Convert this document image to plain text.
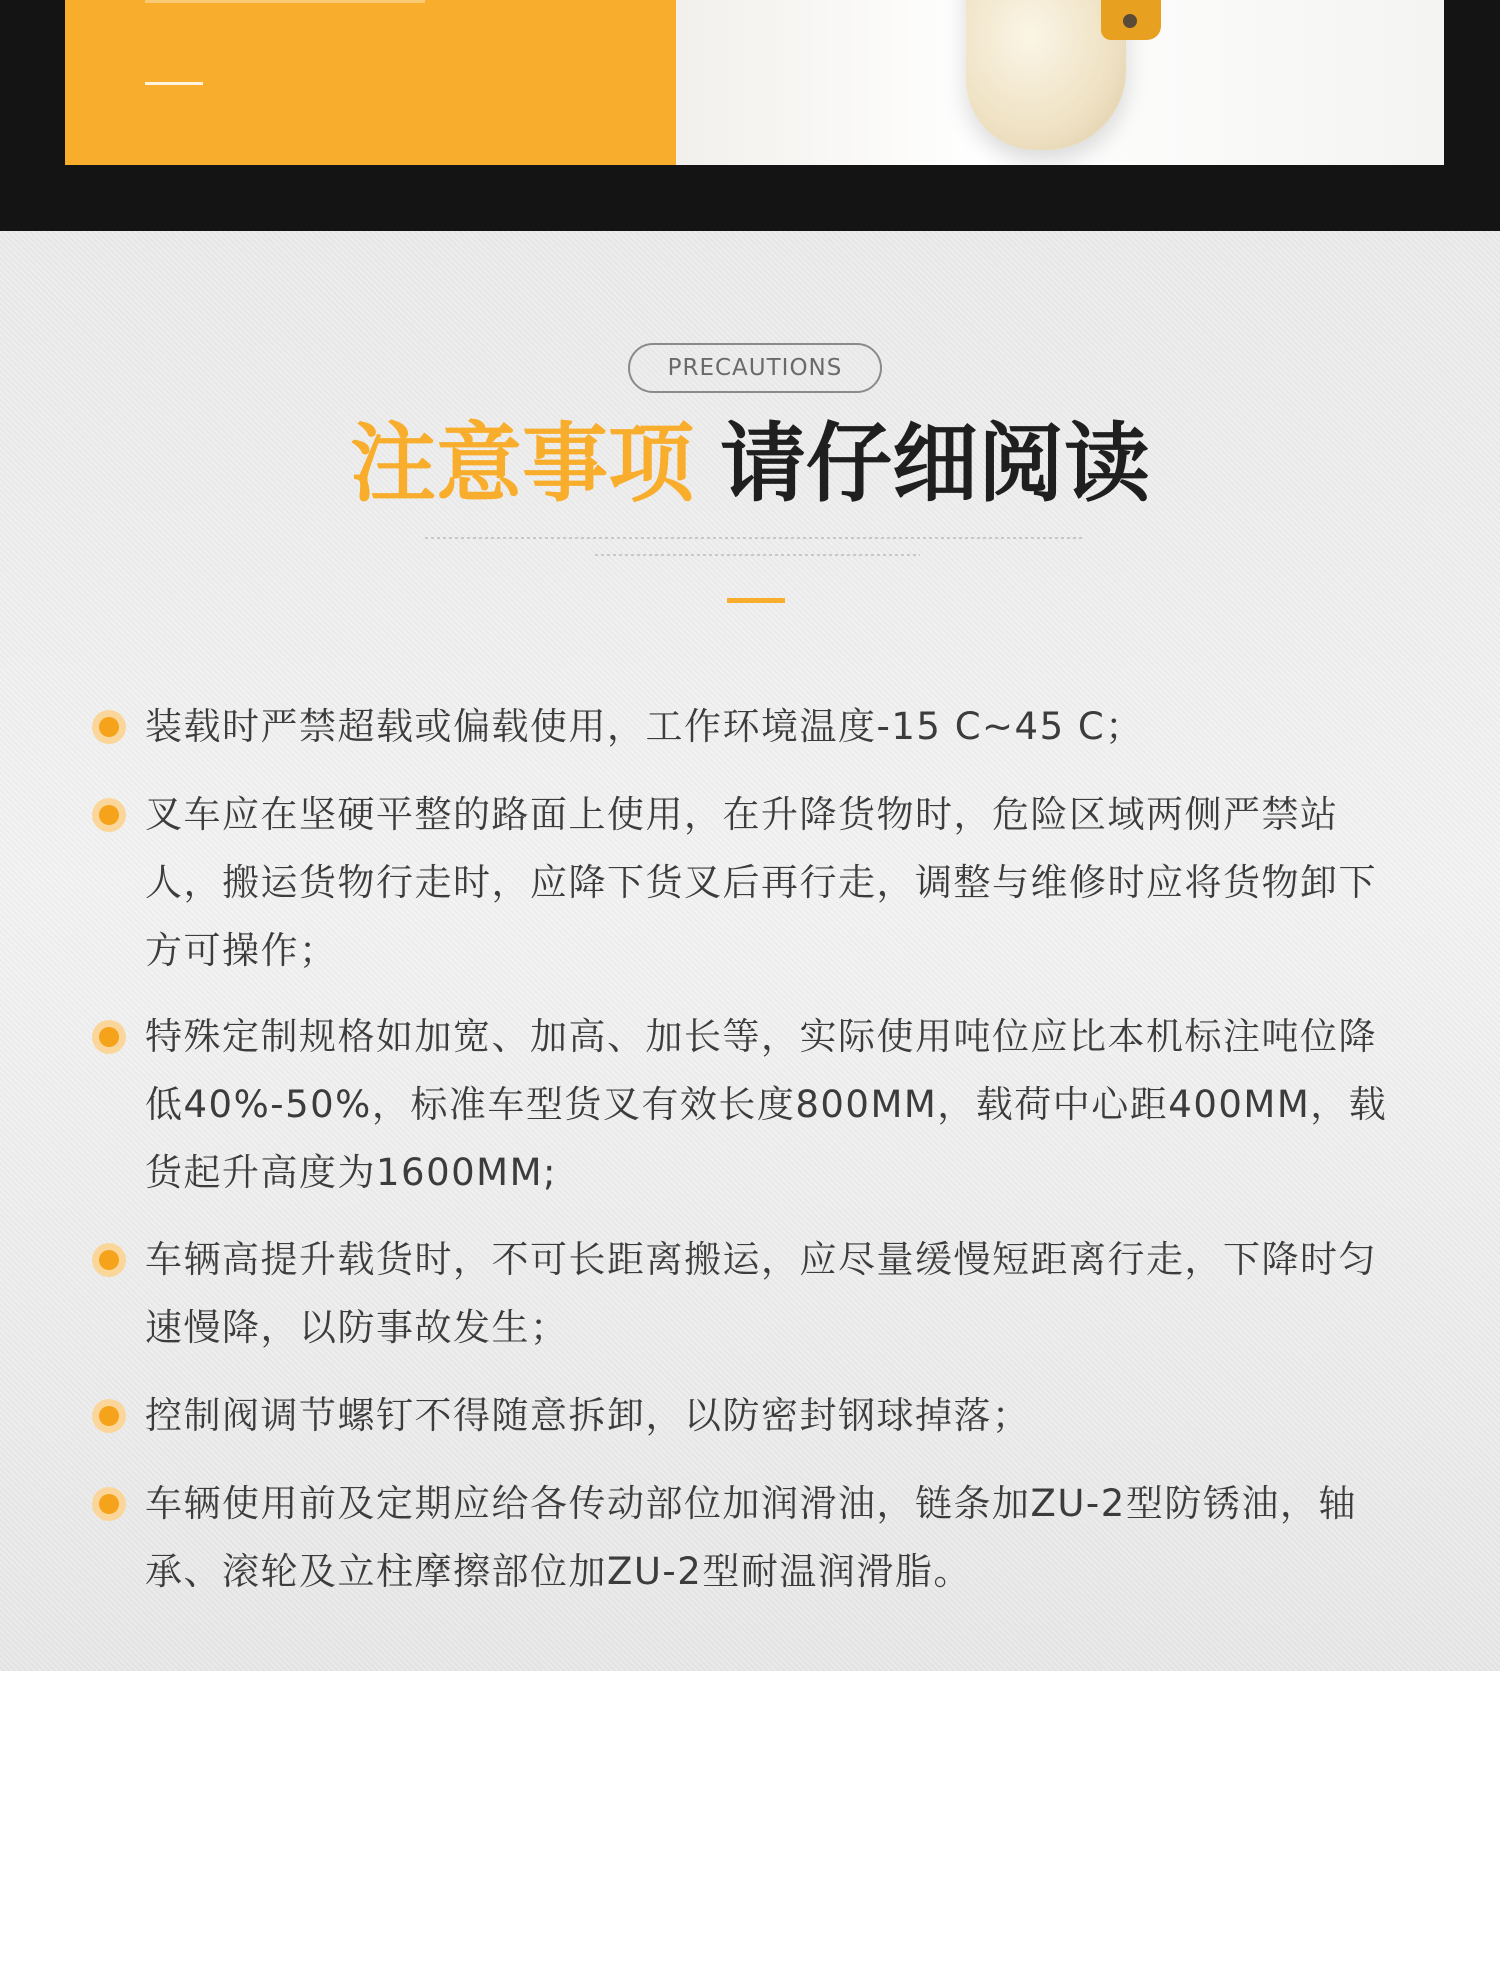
PRECAUTIONS
注意事项 请仔细阅读

装载时严禁超载或偏载使用，工作环境温度-15 C~45 C；

叉车应在坚硬平整的路面上使用，在升降货物时，危险区域两侧严禁站人，搬运货物行走时，应降下货叉后再行走，调整与维修时应将货物卸下方可操作；

特殊定制规格如加宽、加高、加长等，实际使用吨位应比本机标注吨位降低40%-50%，标准车型货叉有效长度800MM，载荷中心距400MM，载货起升高度为1600MM;

车辆高提升载货时，不可长距离搬运，应尽量缓慢短距离行走，下降时匀速慢降，以防事故发生；

控制阀调节螺钉不得随意拆卸，以防密封钢球掉落；

车辆使用前及定期应给各传动部位加润滑油，链条加ZU-2型防锈油，轴承、滚轮及立柱摩擦部位加ZU-2型耐温润滑脂。
